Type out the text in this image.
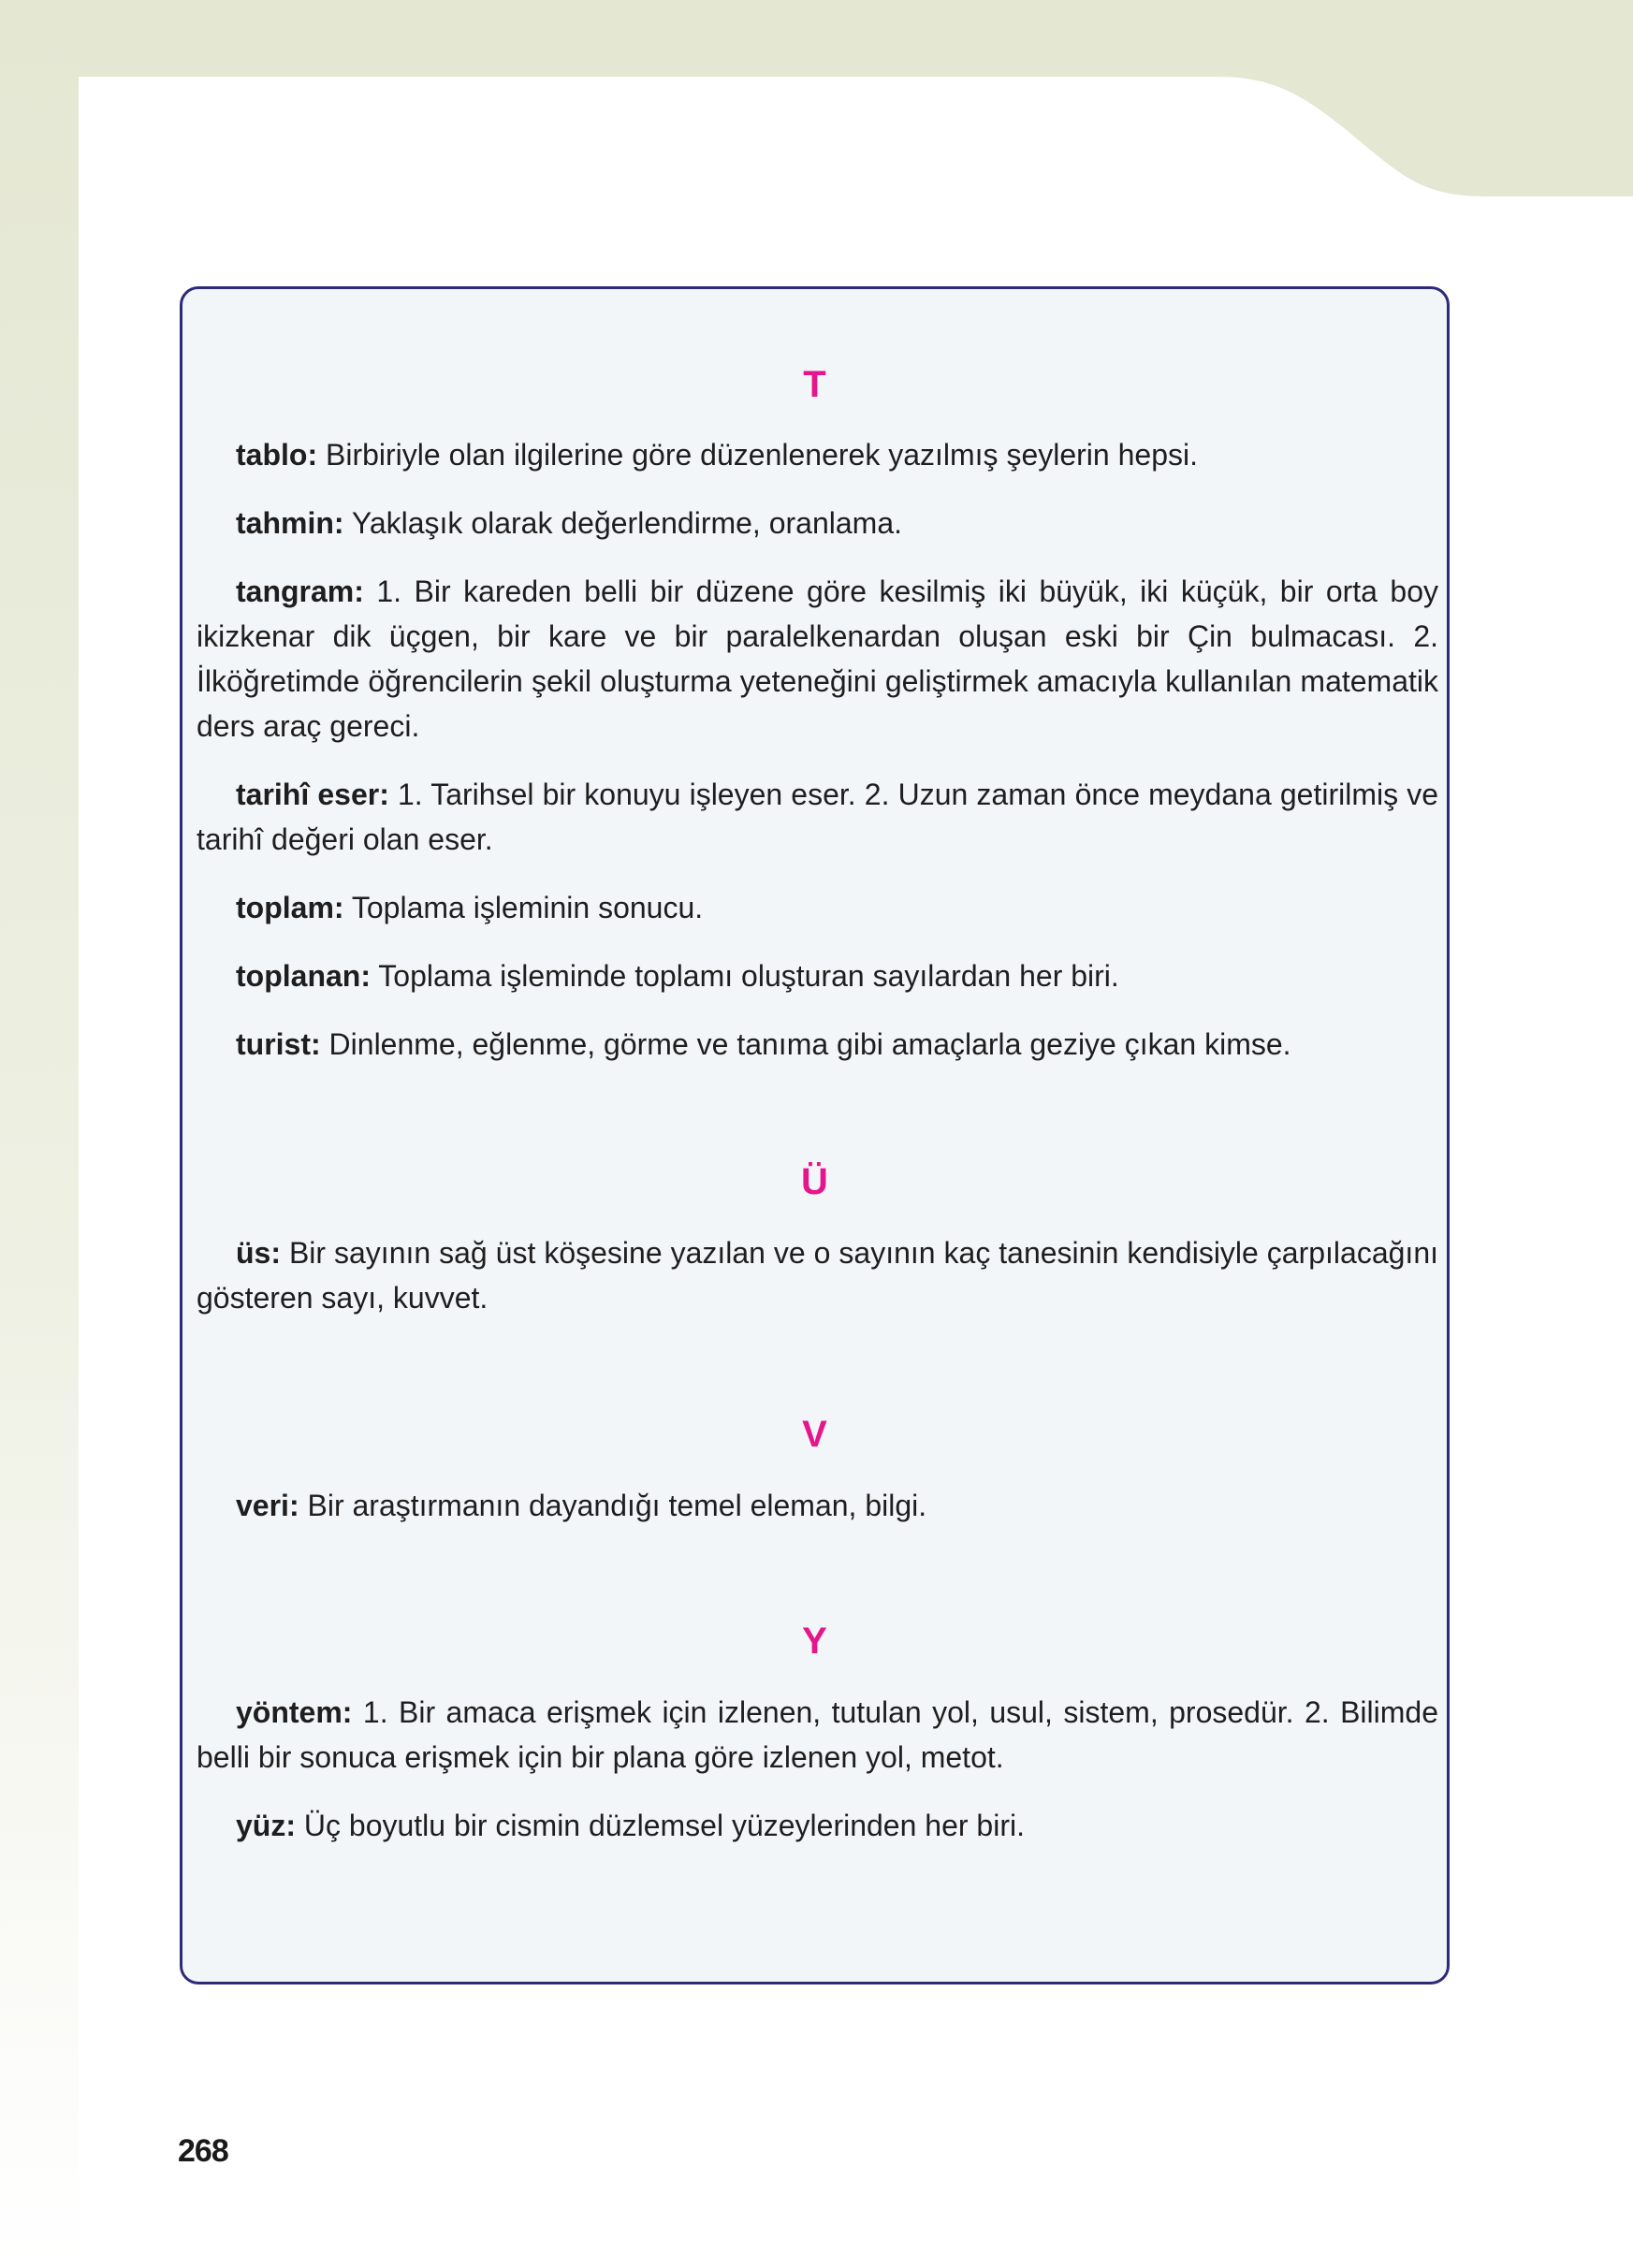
T

tablo: Birbiriyle olan ilgilerine göre düzenlenerek yazılmış şeylerin hepsi.

tahmin: Yaklaşık olarak değerlendirme, oranlama.

tangram: 1. Bir kareden belli bir düzene göre kesilmiş iki büyük, iki küçük, bir orta boy ikizkenar dik üçgen, bir kare ve bir paralelkenardan oluşan eski bir Çin bulmacası. 2. İlköğretimde öğrencilerin şekil oluşturma yeteneğini geliştirmek amacıyla kullanılan matematik ders araç gereci.

tarihî eser: 1. Tarihsel bir konuyu işleyen eser. 2. Uzun zaman önce meydana getirilmiş ve tarihî değeri olan eser.

toplam: Toplama işleminin sonucu.

toplanan: Toplama işleminde toplamı oluşturan sayılardan her biri.

turist: Dinlenme, eğlenme, görme ve tanıma gibi amaçlarla geziye çıkan kimse.

Ü

üs: Bir sayının sağ üst köşesine yazılan ve o sayının kaç tanesinin kendisiyle çarpılacağını gösteren sayı, kuvvet.

V

veri: Bir araştırmanın dayandığı temel eleman, bilgi.

Y

yöntem: 1. Bir amaca erişmek için izlenen, tutulan yol, usul, sistem, prosedür. 2. Bilimde belli bir sonuca erişmek için bir plana göre izlenen yol, metot.

yüz: Üç boyutlu bir cismin düzlemsel yüzeylerinden her biri.

268
